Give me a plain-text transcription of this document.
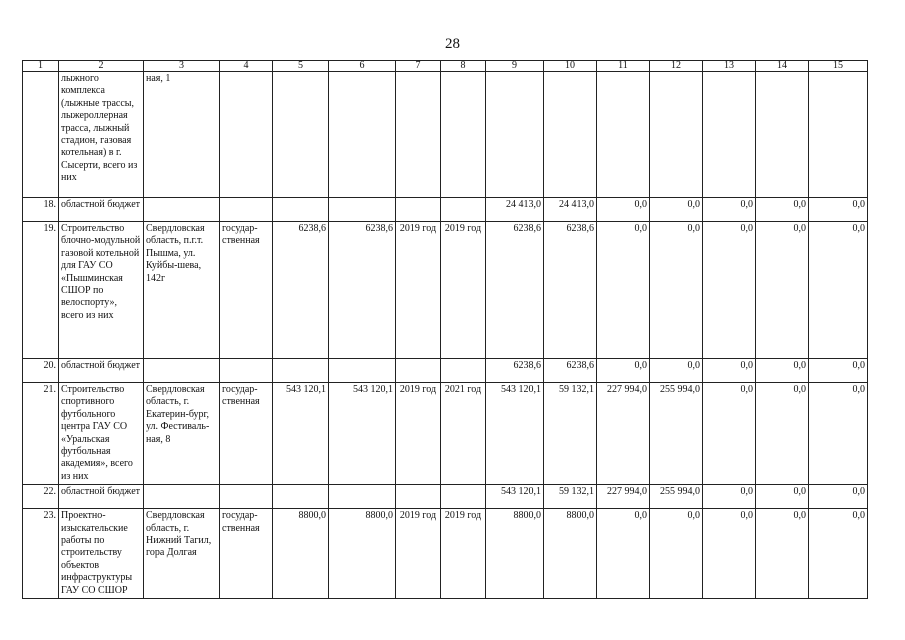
28
1	2	3	4	5	6	7	8	9	10	11	12	13	14	15
	лыжного комплекса (лыжные трассы, лыжероллерная трасса, лыжный стадион, газовая котельная) в г. Сысерти, всего из них	ная, 1												
18.	областной бюджет							24 413,0	24 413,0	0,0	0,0	0,0	0,0	0,0
19.	Строительство блочно-модульной газовой котельной для ГАУ СО «Пышминская СШОР по велоспорту», всего из них	Свердловская область, п.г.т. Пышма, ул. Куйбы-шева, 142г	государ-ственная	6238,6	6238,6	2019 год	2019 год	6238,6	6238,6	0,0	0,0	0,0	0,0	0,0
20.	областной бюджет							6238,6	6238,6	0,0	0,0	0,0	0,0	0,0
21.	Строительство спортивного футбольного центра ГАУ СО «Уральская футбольная академия», всего из них	Свердловская область, г. Екатерин-бург, ул. Фестиваль-ная, 8	государ-ственная	543 120,1	543 120,1	2019 год	2021 год	543 120,1	59 132,1	227 994,0	255 994,0	0,0	0,0	0,0
22.	областной бюджет							543 120,1	59 132,1	227 994,0	255 994,0	0,0	0,0	0,0
23.	Проектно-изыскательские работы по строительству объектов инфраструктуры ГАУ СО СШОР	Свердловская область, г. Нижний Тагил, гора Долгая	государ-ственная	8800,0	8800,0	2019 год	2019 год	8800,0	8800,0	0,0	0,0	0,0	0,0	0,0
